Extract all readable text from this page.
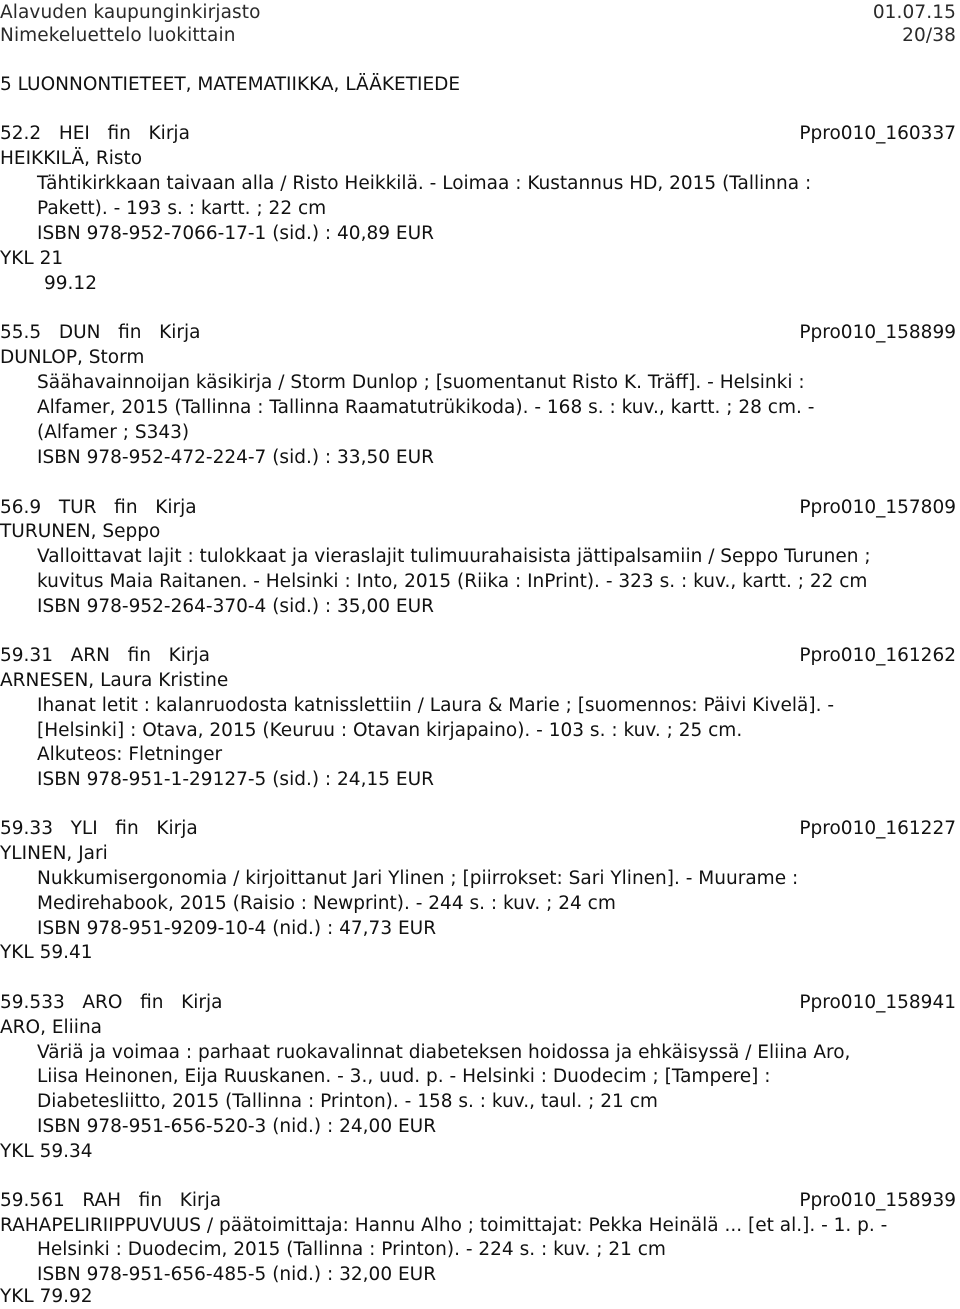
Alavuden kaupunginkirjasto	01.07.15
Nimekeluettelo luokittain	20/38
5 LUONNONTIETEET, MATEMATIIKKA, LÄÄKETIEDE
52.2   HEI   fin   Kirja	Ppro010_160337
HEIKKILÄ, Risto
Tähtikirkkaan taivaan alla / Risto Heikkilä. - Loimaa : Kustannus HD, 2015 (Tallinna :
Pakett). - 193 s. : kartt. ; 22 cm
ISBN 978-952-7066-17-1 (sid.) : 40,89 EUR
YKL 21
99.12
55.5   DUN   fin   Kirja	Ppro010_158899
DUNLOP, Storm
Säähavainnoijan käsikirja / Storm Dunlop ; [suomentanut Risto K. Träff]. - Helsinki :
Alfamer, 2015 (Tallinna : Tallinna Raamatutrükikoda). - 168 s. : kuv., kartt. ; 28 cm. -
(Alfamer ; S343)
ISBN 978-952-472-224-7 (sid.) : 33,50 EUR
56.9   TUR   fin   Kirja	Ppro010_157809
TURUNEN, Seppo
Valloittavat lajit : tulokkaat ja vieraslajit tulimuurahaisista jättipalsamiin / Seppo Turunen ;
kuvitus Maia Raitanen. - Helsinki : Into, 2015 (Riika : InPrint). - 323 s. : kuv., kartt. ; 22 cm
ISBN 978-952-264-370-4 (sid.) : 35,00 EUR
59.31   ARN   fin   Kirja	Ppro010_161262
ARNESEN, Laura Kristine
Ihanat letit : kalanruodosta katnisslettiin / Laura & Marie ; [suomennos: Päivi Kivelä]. -
[Helsinki] : Otava, 2015 (Keuruu : Otavan kirjapaino). - 103 s. : kuv. ; 25 cm.
Alkuteos: Fletninger
ISBN 978-951-1-29127-5 (sid.) : 24,15 EUR
59.33   YLI   fin   Kirja	Ppro010_161227
YLINEN, Jari
Nukkumisergonomia / kirjoittanut Jari Ylinen ; [piirrokset: Sari Ylinen]. - Muurame :
Medirehabook, 2015 (Raisio : Newprint). - 244 s. : kuv. ; 24 cm
ISBN 978-951-9209-10-4 (nid.) : 47,73 EUR
YKL 59.41
59.533   ARO   fin   Kirja	Ppro010_158941
ARO, Eliina
Väriä ja voimaa : parhaat ruokavalinnat diabeteksen hoidossa ja ehkäisyssä / Eliina Aro,
Liisa Heinonen, Eija Ruuskanen. - 3., uud. p. - Helsinki : Duodecim ; [Tampere] :
Diabetesliitto, 2015 (Tallinna : Printon). - 158 s. : kuv., taul. ; 21 cm
ISBN 978-951-656-520-3 (nid.) : 24,00 EUR
YKL 59.34
59.561   RAH   fin   Kirja	Ppro010_158939
RAHAPELIRIIPPUVUUS / päätoimittaja: Hannu Alho ; toimittajat: Pekka Heinälä ... [et al.]. - 1. p. -
Helsinki : Duodecim, 2015 (Tallinna : Printon). - 224 s. : kuv. ; 21 cm
ISBN 978-951-656-485-5 (nid.) : 32,00 EUR
YKL 79.92
